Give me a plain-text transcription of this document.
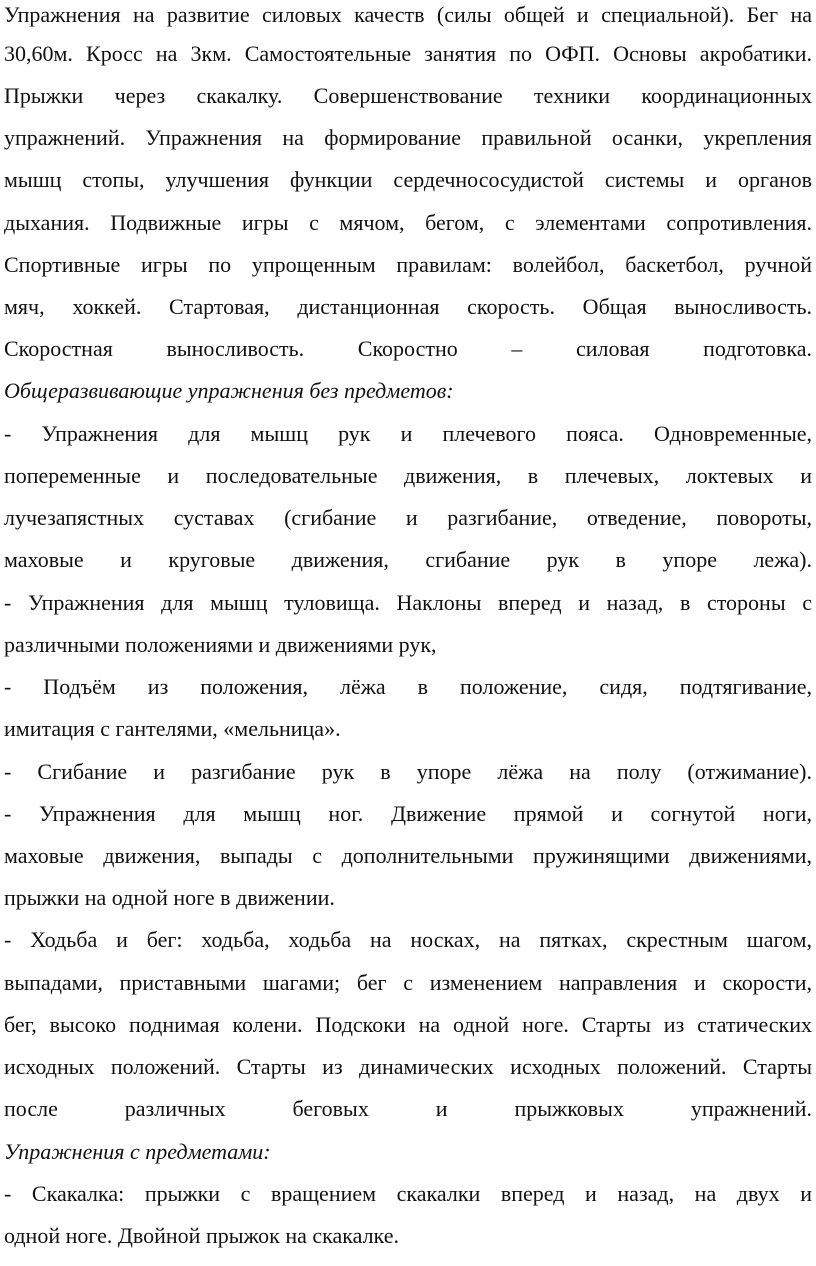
Упражнения на развитие силовых качеств (силы общей и специальной). Бег на
30,60м. Кросс на 3км. Самостоятельные занятия по ОФП. Основы акробатики.
Прыжки через скакалку. Совершенствование техники координационных
упражнений. Упражнения на формирование правильной осанки, укрепления
мышц стопы, улучшения функции сердечнососудистой системы и органов
дыхания. Подвижные игры с мячом, бегом, с элементами сопротивления.
Спортивные игры по упрощенным правилам: волейбол, баскетбол, ручной
мяч, хоккей. Стартовая, дистанционная скорость. Общая выносливость.
Скоростная выносливость. Скоростно – силовая подготовка.
Общеразвивающие упражнения без предметов:
- Упражнения для мышц рук и плечевого пояса. Одновременные,
попеременные и последовательные движения, в плечевых, локтевых и
лучезапястных суставах (сгибание и разгибание, отведение, повороты,
маховые и круговые движения, сгибание рук в упоре лежа).
- Упражнения для мышц туловища. Наклоны вперед и назад, в стороны с
различными положениями и движениями рук,
- Подъём из положения, лёжа в положение, сидя, подтягивание,
имитация с гантелями, «мельница».
- Сгибание и разгибание рук в упоре лёжа на полу (отжимание).
- Упражнения для мышц ног. Движение прямой и согнутой ноги,
маховые движения, выпады с дополнительными пружинящими движениями,
прыжки на одной ноге в движении.
- Ходьба и бег: ходьба, ходьба на носках, на пятках, скрестным шагом,
выпадами, приставными шагами; бег с изменением направления и скорости,
бег, высоко поднимая колени. Подскоки на одной ноге. Старты из статических
исходных положений. Старты из динамических исходных положений. Старты
после различных беговых и прыжковых упражнений.
Упражнения с предметами:
- Скакалка: прыжки с вращением скакалки вперед и назад, на двух и
одной ноге. Двойной прыжок на скакалке.
